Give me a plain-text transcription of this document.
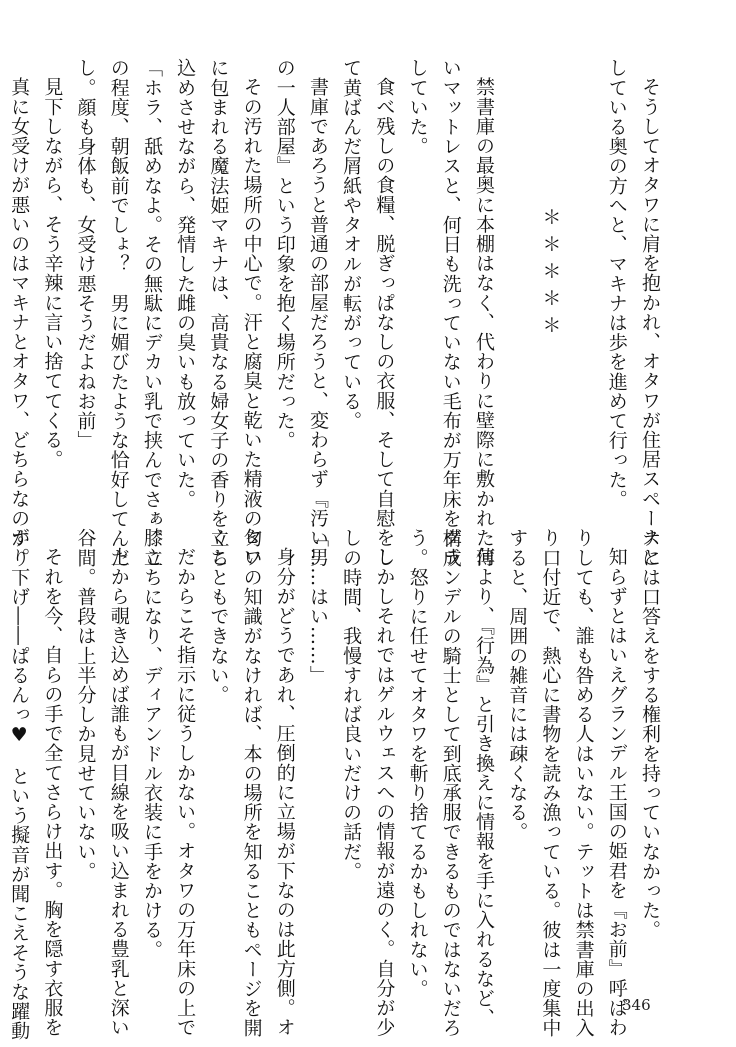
そうしてオタワに肩を抱かれ、オタワが住居スペースと
している奥の方へと、マキナは歩を進めて行った。

＊＊＊＊＊

禁書庫の最奥に本棚はなく、代わりに壁際に敷かれた薄
いマットレスと、何日も洗っていない毛布が万年床を構成
していた。
食べ残しの食糧、脱ぎっぱなしの衣服、そして自慰をし
て黄ばんだ屑紙やタオルが転がっている。
書庫であろうと普通の部屋だろうと、変わらず『汚い男
の一人部屋』という印象を抱く場所だった。
その汚れた場所の中心で。汗と腐臭と乾いた精液の匂い
に包まれる魔法姫マキナは、高貴なる婦女子の香りを立ち
込めさせながら、発情した雌の臭いも放っていた。
「ホラ、舐めなよ。その無駄にデカい乳で挟んでさぁ。こ
の程度、朝飯前でしょ？　男に媚びたような恰好してんだ
し。顔も身体も、女受け悪そうだよねお前」
見下しながら、そう辛辣に言い捨ててくる。
真に女受けが悪いのはマキナとオタワ、どちらなのか。
ナには口答えをする権利を持っていなかった。
知らずとはいえグランデル王国の姫君を『お前』呼ばわ
りしても、誰も咎める人はいない。テットは禁書庫の出入
り口付近で、熱心に書物を読み漁っている。彼は一度集中
すると、周囲の雑音には疎くなる。
何より、『行為』と引き換えに情報を手に入れるなど、
グランデルの騎士として到底承服できるものではないだろ
う。怒りに任せてオタワを斬り捨てるかもしれない。
しかしそれではゲルウェスへの情報が遠のく。自分が少
しの時間、我慢すれば良いだけの話だ。
「……はい……」
身分がどうであれ、圧倒的に立場が下なのは此方側。オ
タワの知識がなければ、本の場所を知ることもページを開
くこともできない。
だからこそ指示に従うしかない。オタワの万年床の上で
膝立ちになり、ディアンドル衣装に手をかける。
上から覗き込めば誰もが目線を吸い込まれる豊乳と深い
谷間。普段は上半分しか見せていない。
それを今、自らの手で全てさらけ出す。胸を隠す衣服を
ずり下げ――ぱるんっ♥　という擬音が聞こえそうな躍動	346
